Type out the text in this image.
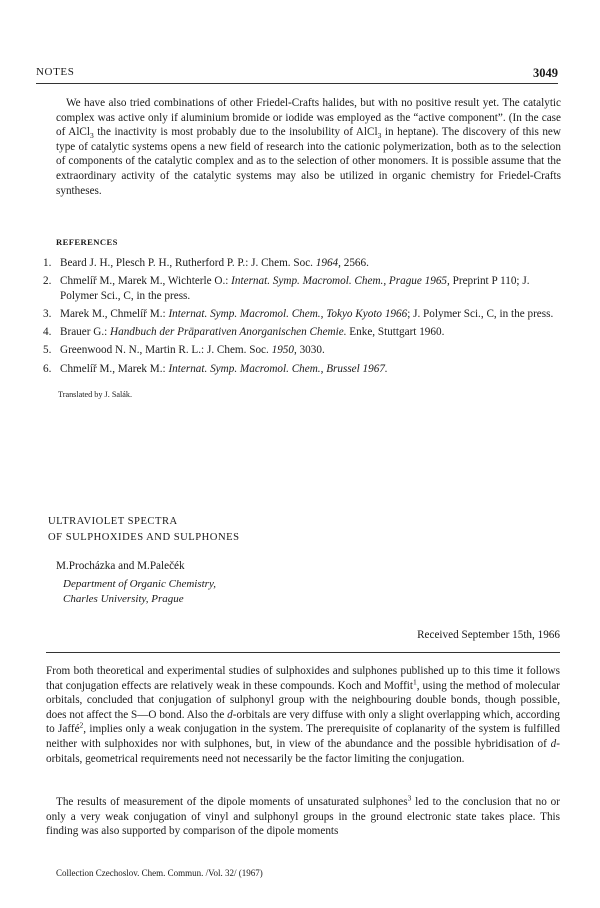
NOTES	3049

We have also tried combinations of other Friedel-Crafts halides, but with no positive result yet. The catalytic complex was active only if aluminium bromide or iodide was employed as the “active component”. (In the case of AlCl$_3$ the inactivity is most probably due to the insolubility of AlCl$_3$ in heptane). The discovery of this new type of catalytic systems opens a new field of research into the cationic polymerization, both as to the selection of components of the catalytic complex and as to the selection of other monomers. It is possible assume that the extraordinary activity of the catalytic systems may also be utilized in organic chemistry for Friedel-Crafts syntheses.

REFERENCES
1. Beard J. H., Plesch P. H., Rutherford P. P.: J. Chem. Soc. 1964, 2566.
2. Chmelíř M., Marek M., Wichterle O.: Internat. Symp. Macromol. Chem., Prague 1965, Preprint P 110; J. Polymer Sci., C, in the press.
3. Marek M., Chmelíř M.: Internat. Symp. Macromol. Chem., Tokyo Kyoto 1966; J. Polymer Sci., C, in the press.
4. Brauer G.: Handbuch der Präparativen Anorganischen Chemie. Enke, Stuttgart 1960.
5. Greenwood N. N., Martin R. L.: J. Chem. Soc. 1950, 3030.
6. Chmelíř M., Marek M.: Internat. Symp. Macromol. Chem., Brussel 1967.
Translated by J. Salák.
ULTRAVIOLET SPECTRA
OF SULPHOXIDES AND SULPHONES
M.Procházka and M.Palečék
Department of Organic Chemistry,
Charles University, Prague
Received September 15th, 1966

From both theoretical and experimental studies of sulphoxides and sulphones published up to this time it follows that conjugation effects are relatively weak in these compounds. Koch and Moffit$^1$, using the method of molecular orbitals, concluded that conjugation of sulphonyl group with the neighbouring double bonds, though possible, does not affect the S—O bond. Also the d-orbitals are very diffuse with only a slight overlapping which, according to Jaffé$^2$, implies only a weak conjugation in the system. The prerequisite of coplanarity of the system is fulfilled neither with sulphoxides nor with sulphones, but, in view of the abundance and the possible hybridisation of d-orbitals, geometrical requirements need not necessarily be the factor limiting the conjugation.

The results of measurement of the dipole moments of unsaturated sulphones$^3$ led to the conclusion that no or only a very weak conjugation of vinyl and sulphonyl groups in the ground electronic state takes place. This finding was also supported by comparison of the dipole moments

Collection Czechoslov. Chem. Commun. /Vol. 32/ (1967)
